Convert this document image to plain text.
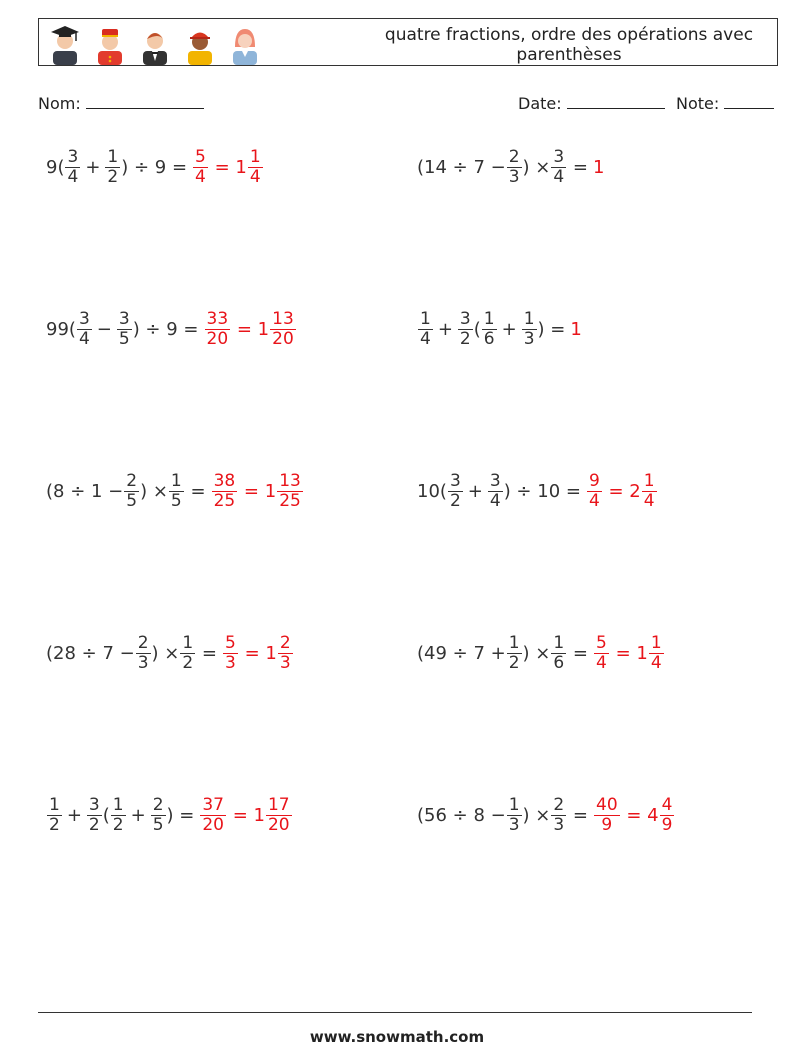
quatre fractions, ordre des opérations avec parenthèses
Nom:	Date:	Note:
$9( \frac{3}{4} + \frac{1}{2}$ ) ÷ $9 = \frac{5}{4} = 1 \frac{1}{4}$	($14 \div 7 - \frac{2}{3}$ ) × $\frac{3}{4} = 1$
$99( \frac{3}{4} - \frac{3}{5}$ ) ÷ $9 = \frac{33}{20} = 1 \frac{13}{20}$	$\frac{1}{4} + \frac{3}{2}$ ( $\frac{1}{6} + \frac{1}{3}$ ) = 1
($8 \div 1 - \frac{2}{5}$ ) × $\frac{1}{5} = \frac{38}{25} = 1 \frac{13}{25}$	$10( \frac{3}{2} + \frac{3}{4}$ ) ÷ $10 = \frac{9}{4} = 2 \frac{1}{4}$
($28 \div 7 - \frac{2}{3}$ ) × $\frac{1}{2} = \frac{5}{3} = 1 \frac{2}{3}$	($49 \div 7 + \frac{1}{2}$ ) × $\frac{1}{6} = \frac{5}{4} = 1 \frac{1}{4}$
$\frac{1}{2} + \frac{3}{2}$ ( $\frac{1}{2} + \frac{2}{5}$ ) = $\frac{37}{20} = 1 \frac{17}{20}$	($56 \div 8 - \frac{1}{3}$ ) × $\frac{2}{3} = \frac{40}{9} = 4 \frac{4}{9}$
www.snowmath.com
